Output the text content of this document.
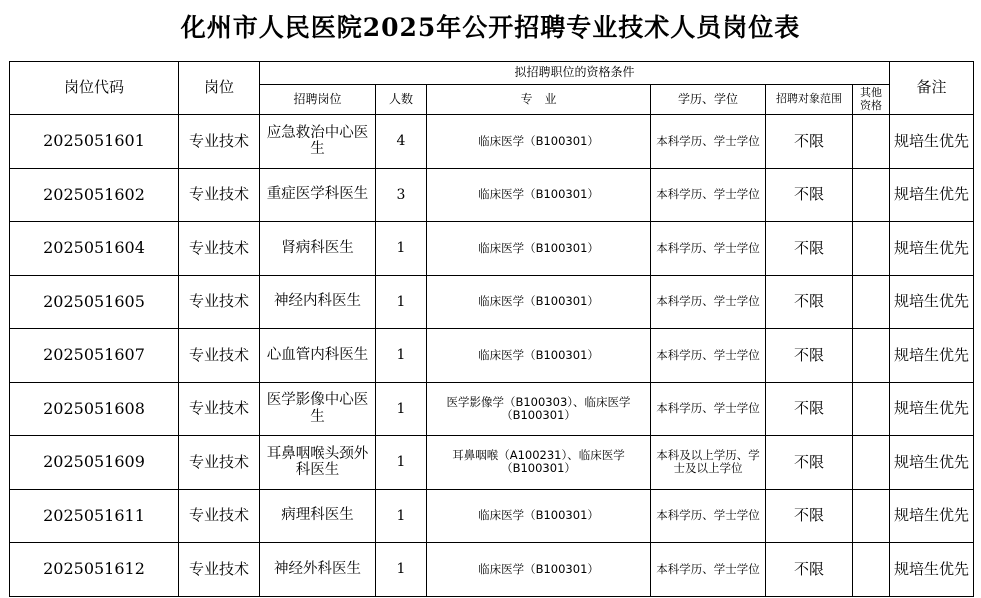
化州市人民医院2025年公开招聘专业技术人员岗位表
岗位代码	岗位	拟招聘职位的资格条件						备注
		招聘岗位	人数	专　业	学历、学位	招聘对象范围	其他资格	
2025051601	专业技术	应急救治中心医生	4	临床医学（B100301）	本科学历、学士学位	不限		规培生优先
2025051602	专业技术	重症医学科医生	3	临床医学（B100301）	本科学历、学士学位	不限		规培生优先
2025051604	专业技术	肾病科医生	1	临床医学（B100301）	本科学历、学士学位	不限		规培生优先
2025051605	专业技术	神经内科医生	1	临床医学（B100301）	本科学历、学士学位	不限		规培生优先
2025051607	专业技术	心血管内科医生	1	临床医学（B100301）	本科学历、学士学位	不限		规培生优先
2025051608	专业技术	医学影像中心医生	1	医学影像学（B100303）、临床医学（B100301）	本科学历、学士学位	不限		规培生优先
2025051609	专业技术	耳鼻咽喉头颈外科医生	1	耳鼻咽喉（A100231）、临床医学（B100301）	本科及以上学历、学士及以上学位	不限		规培生优先
2025051611	专业技术	病理科医生	1	临床医学（B100301）	本科学历、学士学位	不限		规培生优先
2025051612	专业技术	神经外科医生	1	临床医学（B100301）	本科学历、学士学位	不限		规培生优先
